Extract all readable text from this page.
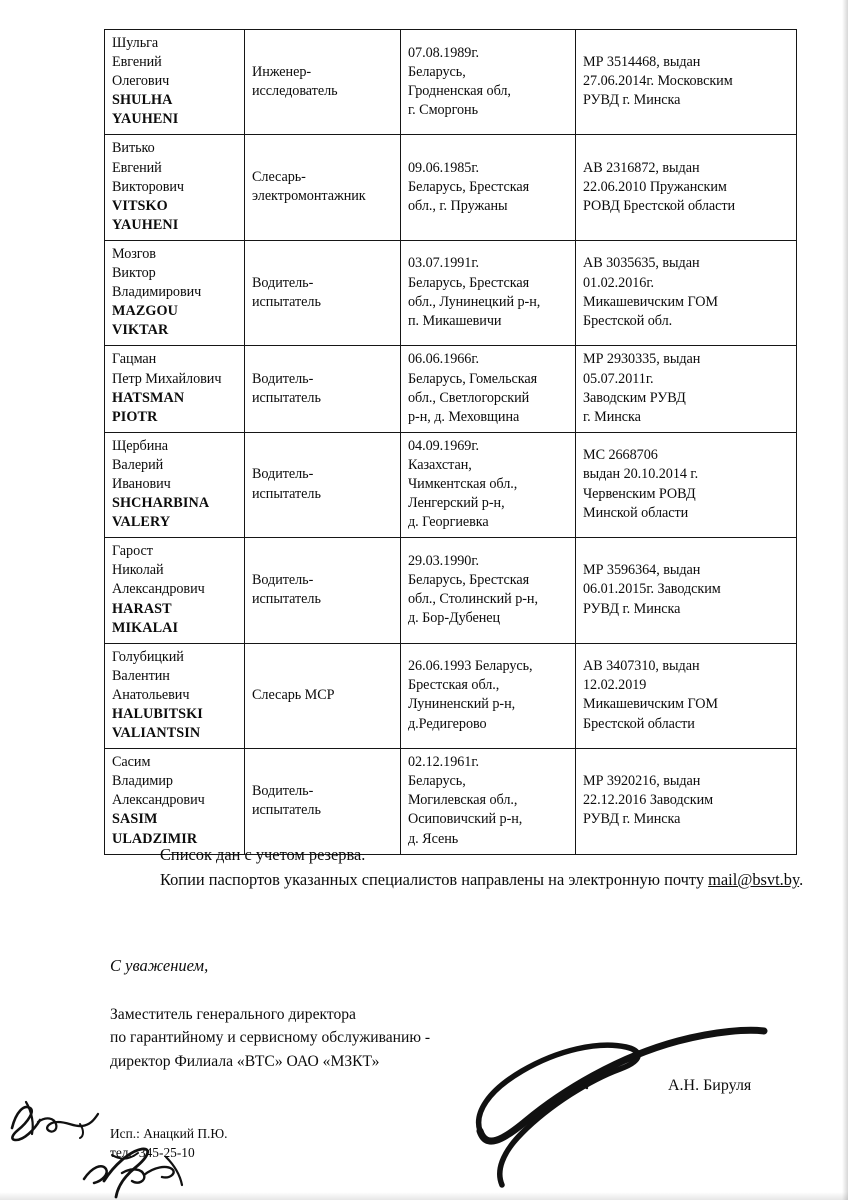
Шульга
Евгений
Олегович
SHULHA
YAUHENI	Инженер-
исследователь	07.08.1989г.
Беларусь,
Гродненская обл,
г. Сморгонь	МР 3514468, выдан
27.06.2014г. Московским
РУВД г. Минска

Витько
Евгений
Викторович
VITSKO
YAUHENI	Слесарь-
электромонтажник	09.06.1985г.
Беларусь, Брестская
обл., г. Пружаны	АВ 2316872, выдан
22.06.2010 Пружанским
РОВД Брестской области

Мозгов
Виктор
Владимирович
MAZGOU
VIKTAR	Водитель-
испытатель	03.07.1991г.
Беларусь, Брестская
обл., Лунинецкий р-н,
п. Микашевичи	АВ 3035635, выдан
01.02.2016г.
Микашевичским ГОМ
Брестской обл.

Гацман
Петр Михайлович
HATSMAN
PIOTR	Водитель-
испытатель	06.06.1966г.
Беларусь, Гомельская
обл., Светлогорский
р-н, д. Меховщина	МР 2930335, выдан
05.07.2011г.
Заводским РУВД
г. Минска

Щербина
Валерий
Иванович
SHCHARBINA
VALERY	Водитель-
испытатель	04.09.1969г.
Казахстан,
Чимкентская обл.,
Ленгерский р-н,
д. Георгиевка	МС 2668706
выдан 20.10.2014 г.
Червенским РОВД
Минской области

Гарост
Николай
Александрович
HARAST
MIKALAI	Водитель-
испытатель	29.03.1990г.
Беларусь, Брестская
обл., Столинский р-н,
д. Бор-Дубенец	МР 3596364, выдан
06.01.2015г. Заводским
РУВД г. Минска

Голубицкий
Валентин
Анатольевич
HALUBITSKI
VALIANTSIN	Слесарь МСР	26.06.1993 Беларусь,
Брестская обл.,
Луниненский р-н,
д.Редигерово	АВ 3407310, выдан
12.02.2019
Микашевичским ГОМ
Брестской области

Сасим
Владимир
Александрович
SASIM
ULADZIMIR	Водитель-
испытатель	02.12.1961г.
Беларусь,
Могилевская обл.,
Осиповичский р-н,
д. Ясень	МР 3920216, выдан
22.12.2016 Заводским
РУВД г. Минска

Список дан с учетом резерва.

Копии паспортов указанных специалистов направлены на электронную почту mail@bsvt.by.

С уважением,
Заместитель генерального директора
по гарантийному и сервисному обслуживанию -
директор Филиала «ВТС» ОАО «МЗКТ»
А.Н. Бируля
Исп.: Анацкий П.Ю.
тел.: 345-25-10
